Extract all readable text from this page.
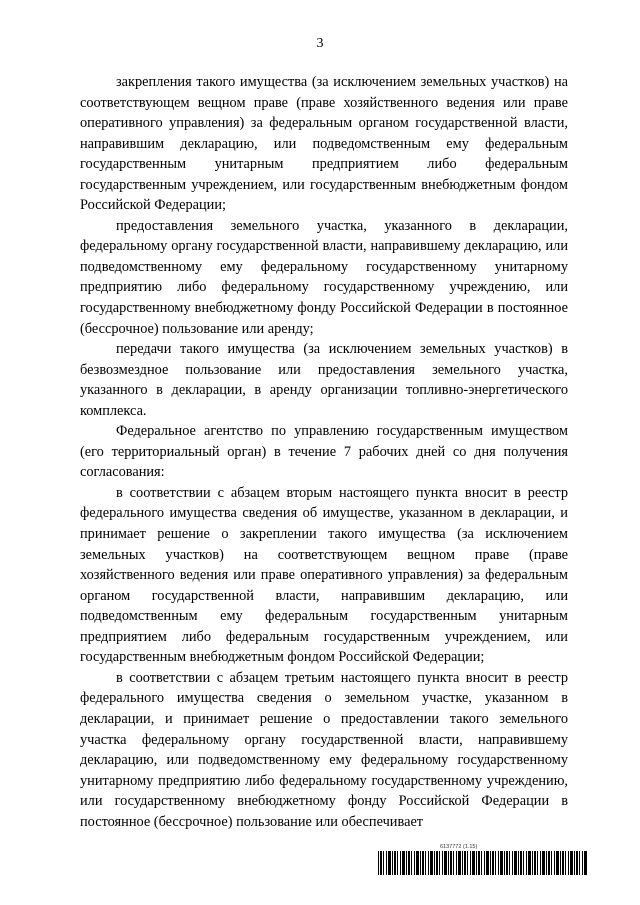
3

закрепления такого имущества (за исключением земельных участков) на соответствующем вещном праве (праве хозяйственного ведения или праве оперативного управления) за федеральным органом государственной власти, направившим декларацию, или подведомственным ему федеральным государственным унитарным предприятием либо федеральным государственным учреждением, или государственным внебюджетным фондом Российской Федерации;

предоставления земельного участка, указанного в декларации, федеральному органу государственной власти, направившему декларацию, или подведомственному ему федеральному государственному унитарному предприятию либо федеральному государственному учреждению, или государственному внебюджетному фонду Российской Федерации в постоянное (бессрочное) пользование или аренду;

передачи такого имущества (за исключением земельных участков) в безвозмездное пользование или предоставления земельного участка, указанного в декларации, в аренду организации топливно-энергетического комплекса.

Федеральное агентство по управлению государственным имуществом (его территориальный орган) в течение 7 рабочих дней со дня получения согласования:

в соответствии с абзацем вторым настоящего пункта вносит в реестр федерального имущества сведения об имуществе, указанном в декларации, и принимает решение о закреплении такого имущества (за исключением земельных участков) на соответствующем вещном праве (праве хозяйственного ведения или праве оперативного управления) за федеральным органом государственной власти, направившим декларацию, или подведомственным ему федеральным государственным унитарным предприятием либо федеральным государственным учреждением, или государственным внебюджетным фондом Российской Федерации;

в соответствии с абзацем третьим настоящего пункта вносит в реестр федерального имущества сведения о земельном участке, указанном в декларации, и принимает решение о предоставлении такого земельного участка федеральному органу государственной власти, направившему декларацию, или подведомственному ему федеральному государственному унитарному предприятию либо федеральному государственному учреждению, или государственному внебюджетному фонду Российской Федерации в постоянное (бессрочное) пользование или обеспечивает

6137772 (1.15)
